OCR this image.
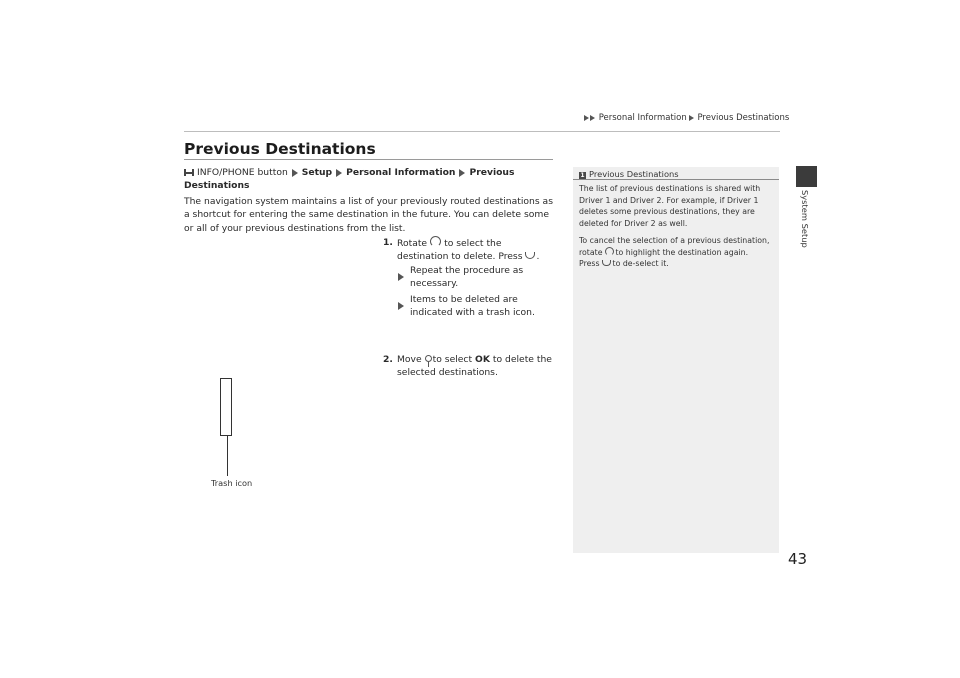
Personal Information Previous Destinations
Previous Destinations
INFO/PHONE button Setup Personal Information Previous Destinations

The navigation system maintains a list of your previously routed destinations as a shortcut for entering the same destination in the future. You can delete some or all of your previous destinations from the list.

1. Rotate to select the destination to delete. Press .
Repeat the procedure as necessary.
Items to be deleted are indicated with a trash icon.
2. Move to select OK to delete the selected destinations.
Trash icon
1 Previous Destinations

The list of previous destinations is shared with Driver 1 and Driver 2. For example, if Driver 1 deletes some previous destinations, they are deleted for Driver 2 as well.

To cancel the selection of a previous destination, rotate to highlight the destination again.
Press to de-select it.

System Setup
43
